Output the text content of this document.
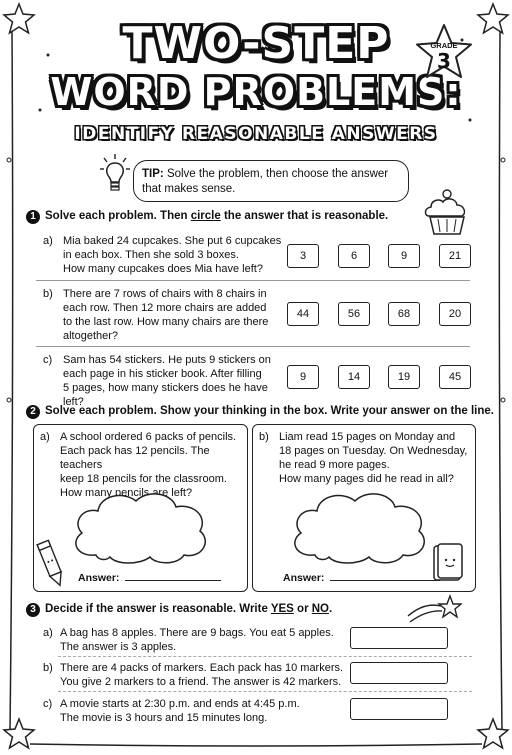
TWO-STEP
WORD PROBLEMS:
IDENTIFY REASONABLE ANSWERS
GRADE
3
TIP: Solve the problem, then choose the answer that makes sense.
1 Solve each problem. Then circle the answer that is reasonable.
a) Mia baked 24 cupcakes. She put 6 cupcakes
in each box. Then she sold 3 boxes.
How many cupcakes does Mia have left?
3	6	9	21
b) There are 7 rows of chairs with 8 chairs in
each row. Then 12 more chairs are added
to the last row. How many chairs are there
altogether?
44	56	68	20
c) Sam has 54 stickers. He puts 9 stickers on
each page in his sticker book. After filling
5 pages, how many stickers does he have left?
9	14	19	45
2 Solve each problem. Show your thinking in the box. Write your answer on the line.
a) A school ordered 6 packs of pencils.
Each pack has 12 pencils. The teachers
keep 18 pencils for the classroom.
How many pencils are left?
Answer:
b) Liam read 15 pages on Monday and
18 pages on Tuesday. On Wednesday,
he read 9 more pages.
How many pages did he read in all?
Answer:
3 Decide if the answer is reasonable. Write YES or NO.
a) A bag has 8 apples. There are 9 bags. You eat 5 apples.
The answer is 3 apples.
b) There are 4 packs of markers. Each pack has 10 markers.
You give 2 markers to a friend. The answer is 42 markers.
c) A movie starts at 2:30 p.m. and ends at 4:45 p.m.
The movie is 3 hours and 15 minutes long.
